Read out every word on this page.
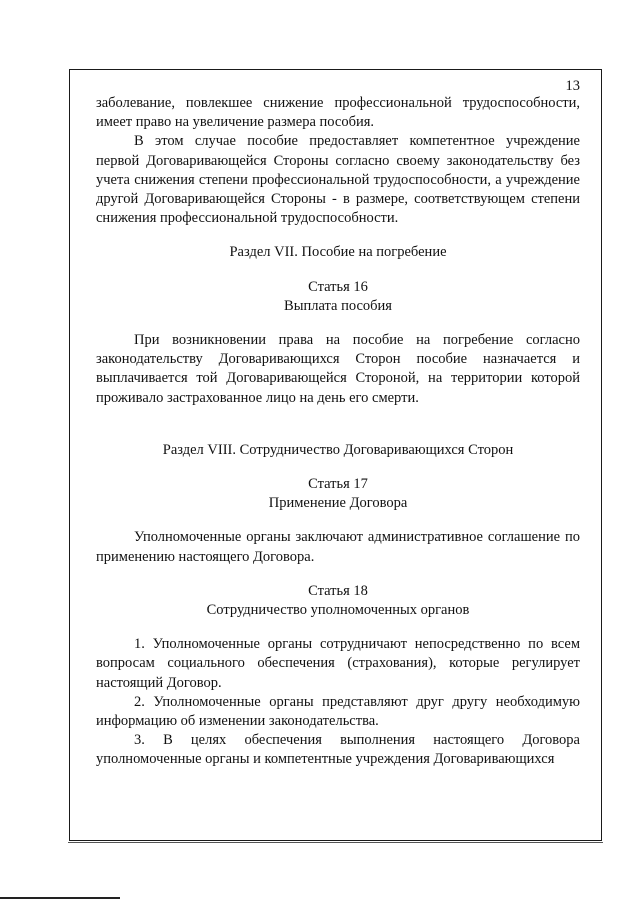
13

заболевание, повлекшее снижение профессиональной трудоспособности, имеет право на увеличение размера пособия.

В этом случае пособие предоставляет компетентное учреждение первой Договаривающейся Стороны согласно своему законодательству без учета снижения степени профессиональной трудоспособности, а учреждение другой Договаривающейся Стороны - в размере, соответствующем степени снижения профессиональной трудоспособности.

Раздел VII. Пособие на погребение

Статья 16

Выплата пособия

При возникновении права на пособие на погребение согласно законодательству Договаривающихся Сторон пособие назначается и выплачивается той Договаривающейся Стороной, на территории которой проживало застрахованное лицо на день его смерти.

Раздел VIII. Сотрудничество Договаривающихся Сторон

Статья 17

Применение Договора

Уполномоченные органы заключают административное соглашение по применению настоящего Договора.

Статья 18

Сотрудничество уполномоченных органов

1. Уполномоченные органы сотрудничают непосредственно по всем вопросам социального обеспечения (страхования), которые регулирует настоящий Договор.

2. Уполномоченные органы представляют друг другу необходимую информацию об изменении законодательства.

3. В целях обеспечения выполнения настоящего Договора уполномоченные органы и компетентные учреждения Договаривающихся
